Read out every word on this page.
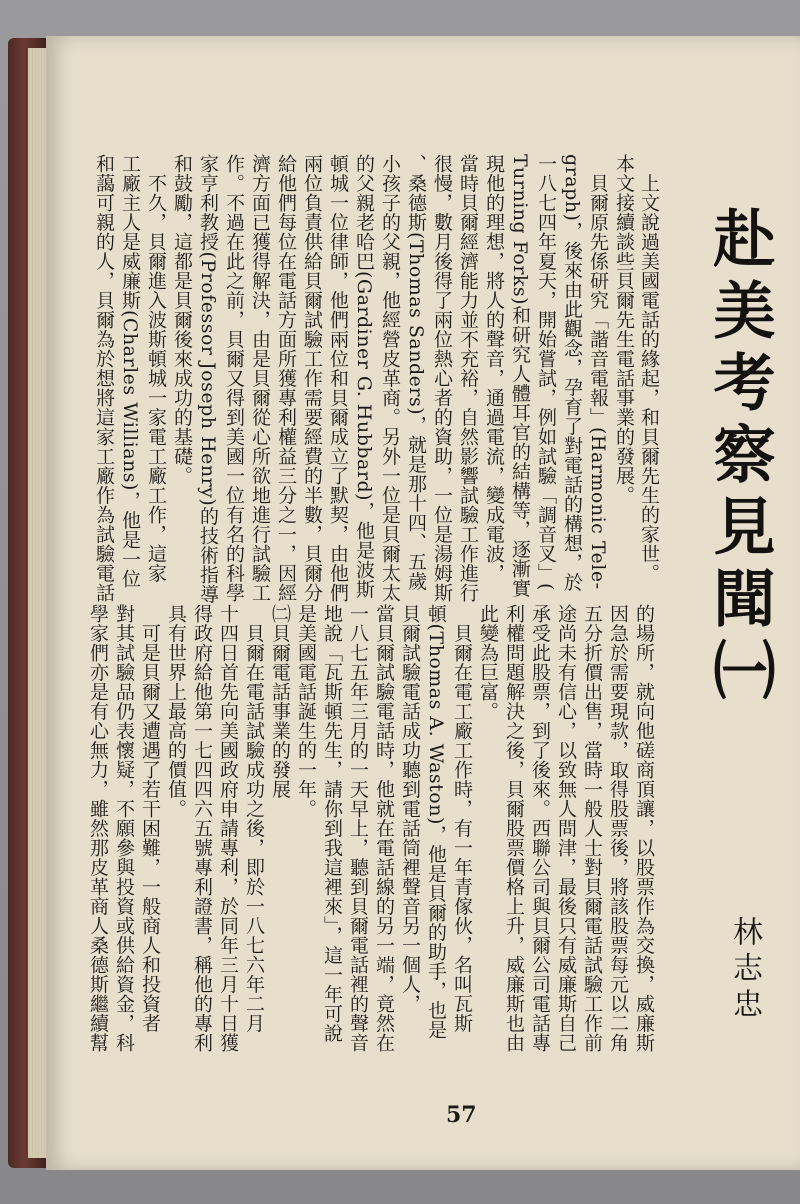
赴美考察見聞㈠
林志忠
　上文說過美國電話的緣起，和貝爾先生的家世。
本文接續談些貝爾先生電話事業的發展。
　貝爾原先係研究「諧音電報」(Harmonic Tele-
graph)，後來由此觀念，孕育了對電話的構想，於
一八七四年夏天，開始嘗試，例如試驗「調音叉」(
Turning Forks)和研究人體耳官的結構等，逐漸實
現他的理想，將人的聲音，通過電流，變成電波，
當時貝爾經濟能力並不充裕，自然影響試驗工作進行
很慢，數月後得了兩位熱心者的資助，一位是湯姆斯
、桑德斯(Thomas Sanders)，就是那十四、五歲
小孩子的父親，他經營皮革商。另外一位是貝爾太太
的父親老哈巴(Gardiner G. Hubbard)，他是波斯
頓城一位律師，他們兩位和貝爾成立了默契，由他們
兩位負責供給貝爾試驗工作需要經費的半數，貝爾分
給他們每位在電話方面所獲專利權益三分之一，因經
濟方面已獲得解決，由是貝爾從心所欲地進行試驗工
作。不過在此之前，貝爾又得到美國一位有名的科學
家亨利教授(Professor Joseph Henry)的技術指導
和鼓勵，這都是貝爾後來成功的基礎。
　不久，貝爾進入波斯頓城一家電工廠工作，這家
工廠主人是威廉斯(Charles Willians)，他是一位
和藹可親的人，貝爾為於想將這家工廠作為試驗電話
的場所，就向他磋商頂讓，以股票作為交換，威廉斯
因急於需要現款，取得股票後，將該股票每元以二角
五分折價出售，當時一般人士對貝爾電話試驗工作前
途尚未有信心，以致無人問津，最後只有威廉斯自己
承受此股票，到了後來。西聯公司與貝爾公司電話專
利權問題解決之後，貝爾股票價格上升，威廉斯也由
此變為巨富。
　貝爾在電工廠工作時，有一年青傢伙，名叫瓦斯
頓(Thomas A. Waston)，他是貝爾的助手，也是
貝爾試驗電話成功聽到電話筒裡聲音另一個人，
當貝爾試驗電話時，他就在電話線的另一端，竟然在
一八七五年三月的一天早上，聽到貝爾電話裡的聲音
地說「瓦斯頓先生，請你到我這裡來」，這一年可說
是美國電話誕生的一年。
㈡貝爾電話事業的發展
　貝爾在電話試驗成功之後，即於一八七六年二月
十四日首先向美國政府申請專利，於同年三月十日獲
得政府給他第一七四四六五號專利證書，稱他的專利
具有世界上最高的價值。
　可是貝爾又遭遇了若干困難，一般商人和投資者
對其試驗品仍表懷疑，不願參與投資或供給資金，科
學家們亦是有心無力，雖然那皮革商人桑德斯繼續幫
57
